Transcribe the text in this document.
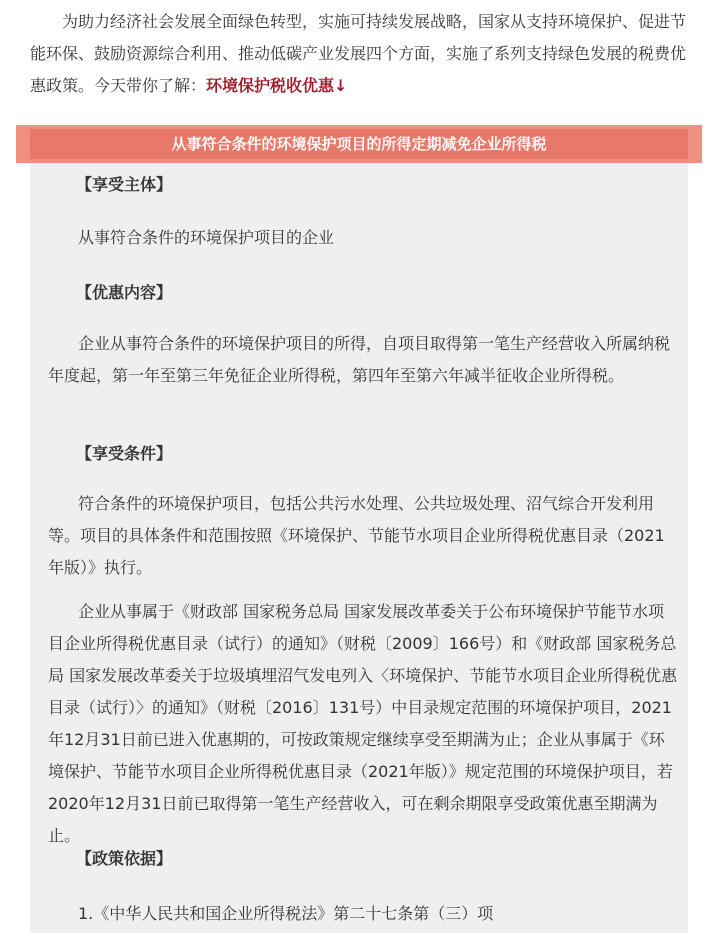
为助力经济社会发展全面绿色转型，实施可持续发展战略，国家从支持环境保护、促进节能环保、鼓励资源综合利用、推动低碳产业发展四个方面，实施了系列支持绿色发展的税费优惠政策。今天带你了解：环境保护税收优惠↓
从事符合条件的环境保护项目的所得定期减免企业所得税
【享受主体】
从事符合条件的环境保护项目的企业
【优惠内容】
企业从事符合条件的环境保护项目的所得，自项目取得第一笔生产经营收入所属纳税年度起，第一年至第三年免征企业所得税，第四年至第六年减半征收企业所得税。
【享受条件】
符合条件的环境保护项目，包括公共污水处理、公共垃圾处理、沼气综合开发利用等。项目的具体条件和范围按照《环境保护、节能节水项目企业所得税优惠目录（2021年版）》执行。
企业从事属于《财政部 国家税务总局 国家发展改革委关于公布环境保护节能节水项目企业所得税优惠目录（试行）的通知》（财税〔2009〕166号）和《财政部 国家税务总局 国家发展改革委关于垃圾填埋沼气发电列入〈环境保护、节能节水项目企业所得税优惠目录（试行）〉的通知》（财税〔2016〕131号）中目录规定范围的环境保护项目，2021年12月31日前已进入优惠期的，可按政策规定继续享受至期满为止；企业从事属于《环境保护、节能节水项目企业所得税优惠目录（2021年版）》规定范围的环境保护项目，若2020年12月31日前已取得第一笔生产经营收入，可在剩余期限享受政策优惠至期满为止。
【政策依据】
1.《中华人民共和国企业所得税法》第二十七条第（三）项
